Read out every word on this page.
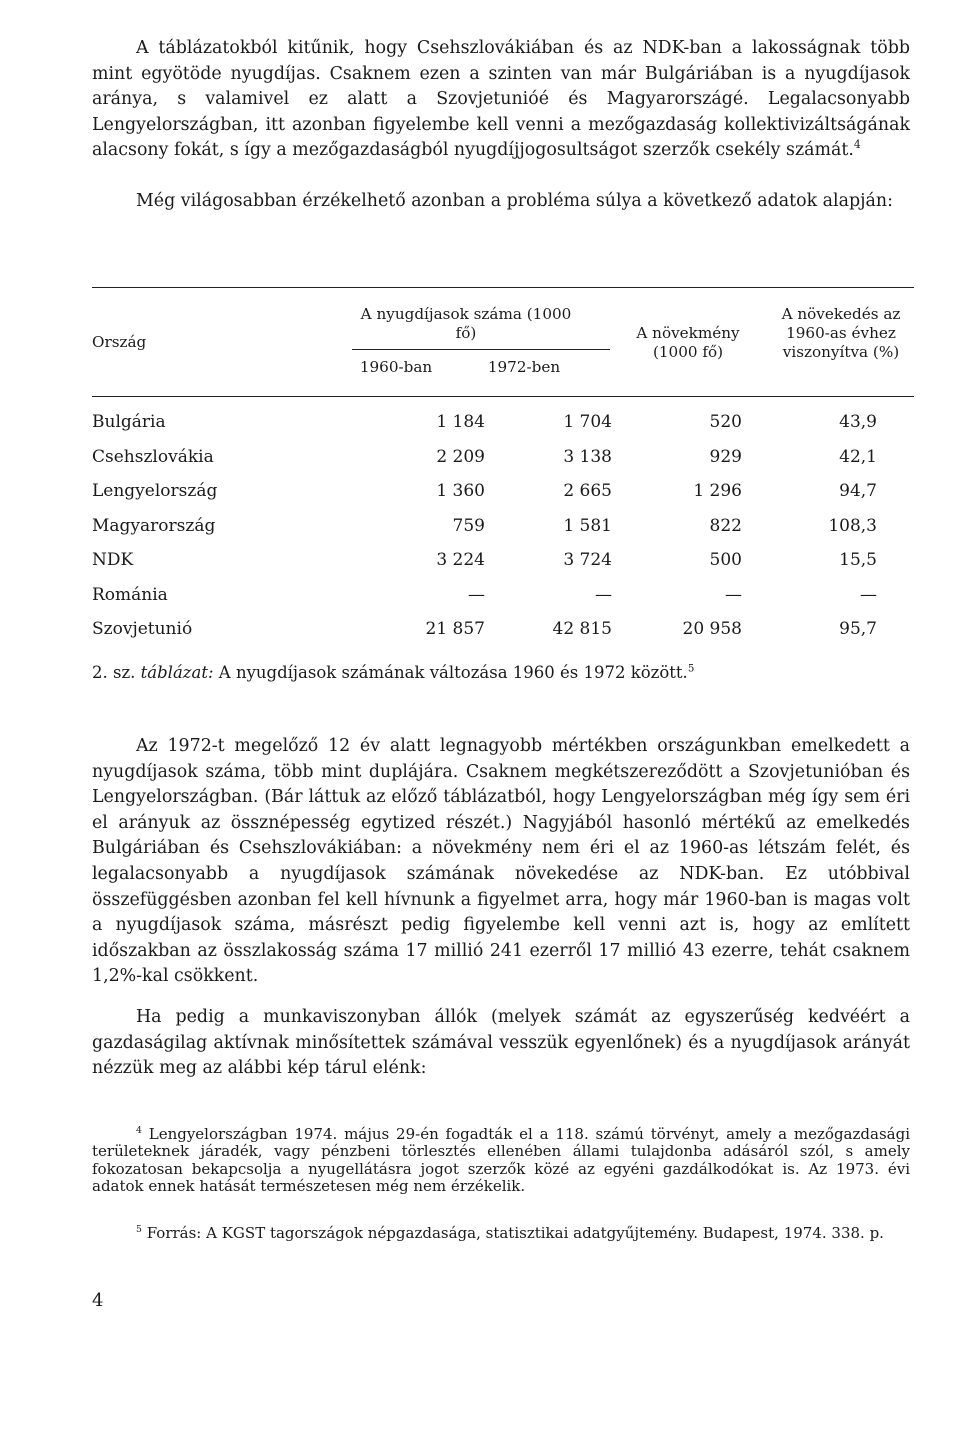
A táblázatokból kitűnik, hogy Csehszlovákiában és az NDK-ban a lakosságnak több mint egyötöde nyugdíjas. Csaknem ezen a szinten van már Bulgáriában is a nyugdíjasok aránya, s valamivel ez alatt a Szovjetunióé és Magyarországé. Legalacsonyabb Lengyelországban, itt azonban figyelembe kell venni a mezőgazdaság kollektivizáltságának alacsony fokát, s így a mezőgazdaságból nyugdíjjogosultságot szerzők csekély számát.$^4$

Még világosabban érzékelhető azonban a probléma súlya a következő adatok alapján:

Ország
A nyugdíjasok száma (1000 fő)
1960-ban	1972-ben
A növekmény (1000 fő)
A növekedés az 1960-as évhez viszonyítva (%)
Bulgária	1 184	1 704	520	43,9
Csehszlovákia	2 209	3 138	929	42,1
Lengyelország	1 360	2 665	1 296	94,7
Magyarország	759	1 581	822	108,3
NDK	3 224	3 724	500	15,5
Románia	—	—	—	—
Szovjetunió	21 857	42 815	20 958	95,7
2. sz. táblázat: A nyugdíjasok számának változása 1960 és 1972 között.$^5$

Az 1972-t megelőző 12 év alatt legnagyobb mértékben országunkban emelkedett a nyugdíjasok száma, több mint duplájára. Csaknem megkétszereződött a Szovjetunióban és Lengyelországban. (Bár láttuk az előző táblázatból, hogy Lengyelországban még így sem éri el arányuk az össznépesség egytized részét.) Nagyjából hasonló mértékű az emelkedés Bulgáriában és Csehszlovákiában: a növekmény nem éri el az 1960-as létszám felét, és legalacsonyabb a nyugdíjasok számának növekedése az NDK-ban. Ez utóbbival összefüggésben azonban fel kell hívnunk a figyelmet arra, hogy már 1960-ban is magas volt a nyugdíjasok száma, másrészt pedig figyelembe kell venni azt is, hogy az említett időszakban az összlakosság száma 17 millió 241 ezerről 17 millió 43 ezerre, tehát csaknem 1,2%-kal csökkent.

Ha pedig a munkaviszonyban állók (melyek számát az egyszerűség kedvéért a gazdaságilag aktívnak minősítettek számával vesszük egyenlőnek) és a nyugdíjasok arányát nézzük meg az alábbi kép tárul elénk:

$^4$ Lengyelországban 1974. május 29-én fogadták el a 118. számú törvényt, amely a mezőgazdasági területeknek járadék, vagy pénzbeni törlesztés ellenében állami tulajdonba adásáról szól, s amely fokozatosan bekapcsolja a nyugellátásra jogot szerzők közé az egyéni gazdálkodókat is. Az 1973. évi adatok ennek hatását természetesen még nem érzékelik.

$^5$ Forrás: A KGST tagországok népgazdasága, statisztikai adatgyűjtemény. Budapest, 1974. 338. p.

4
